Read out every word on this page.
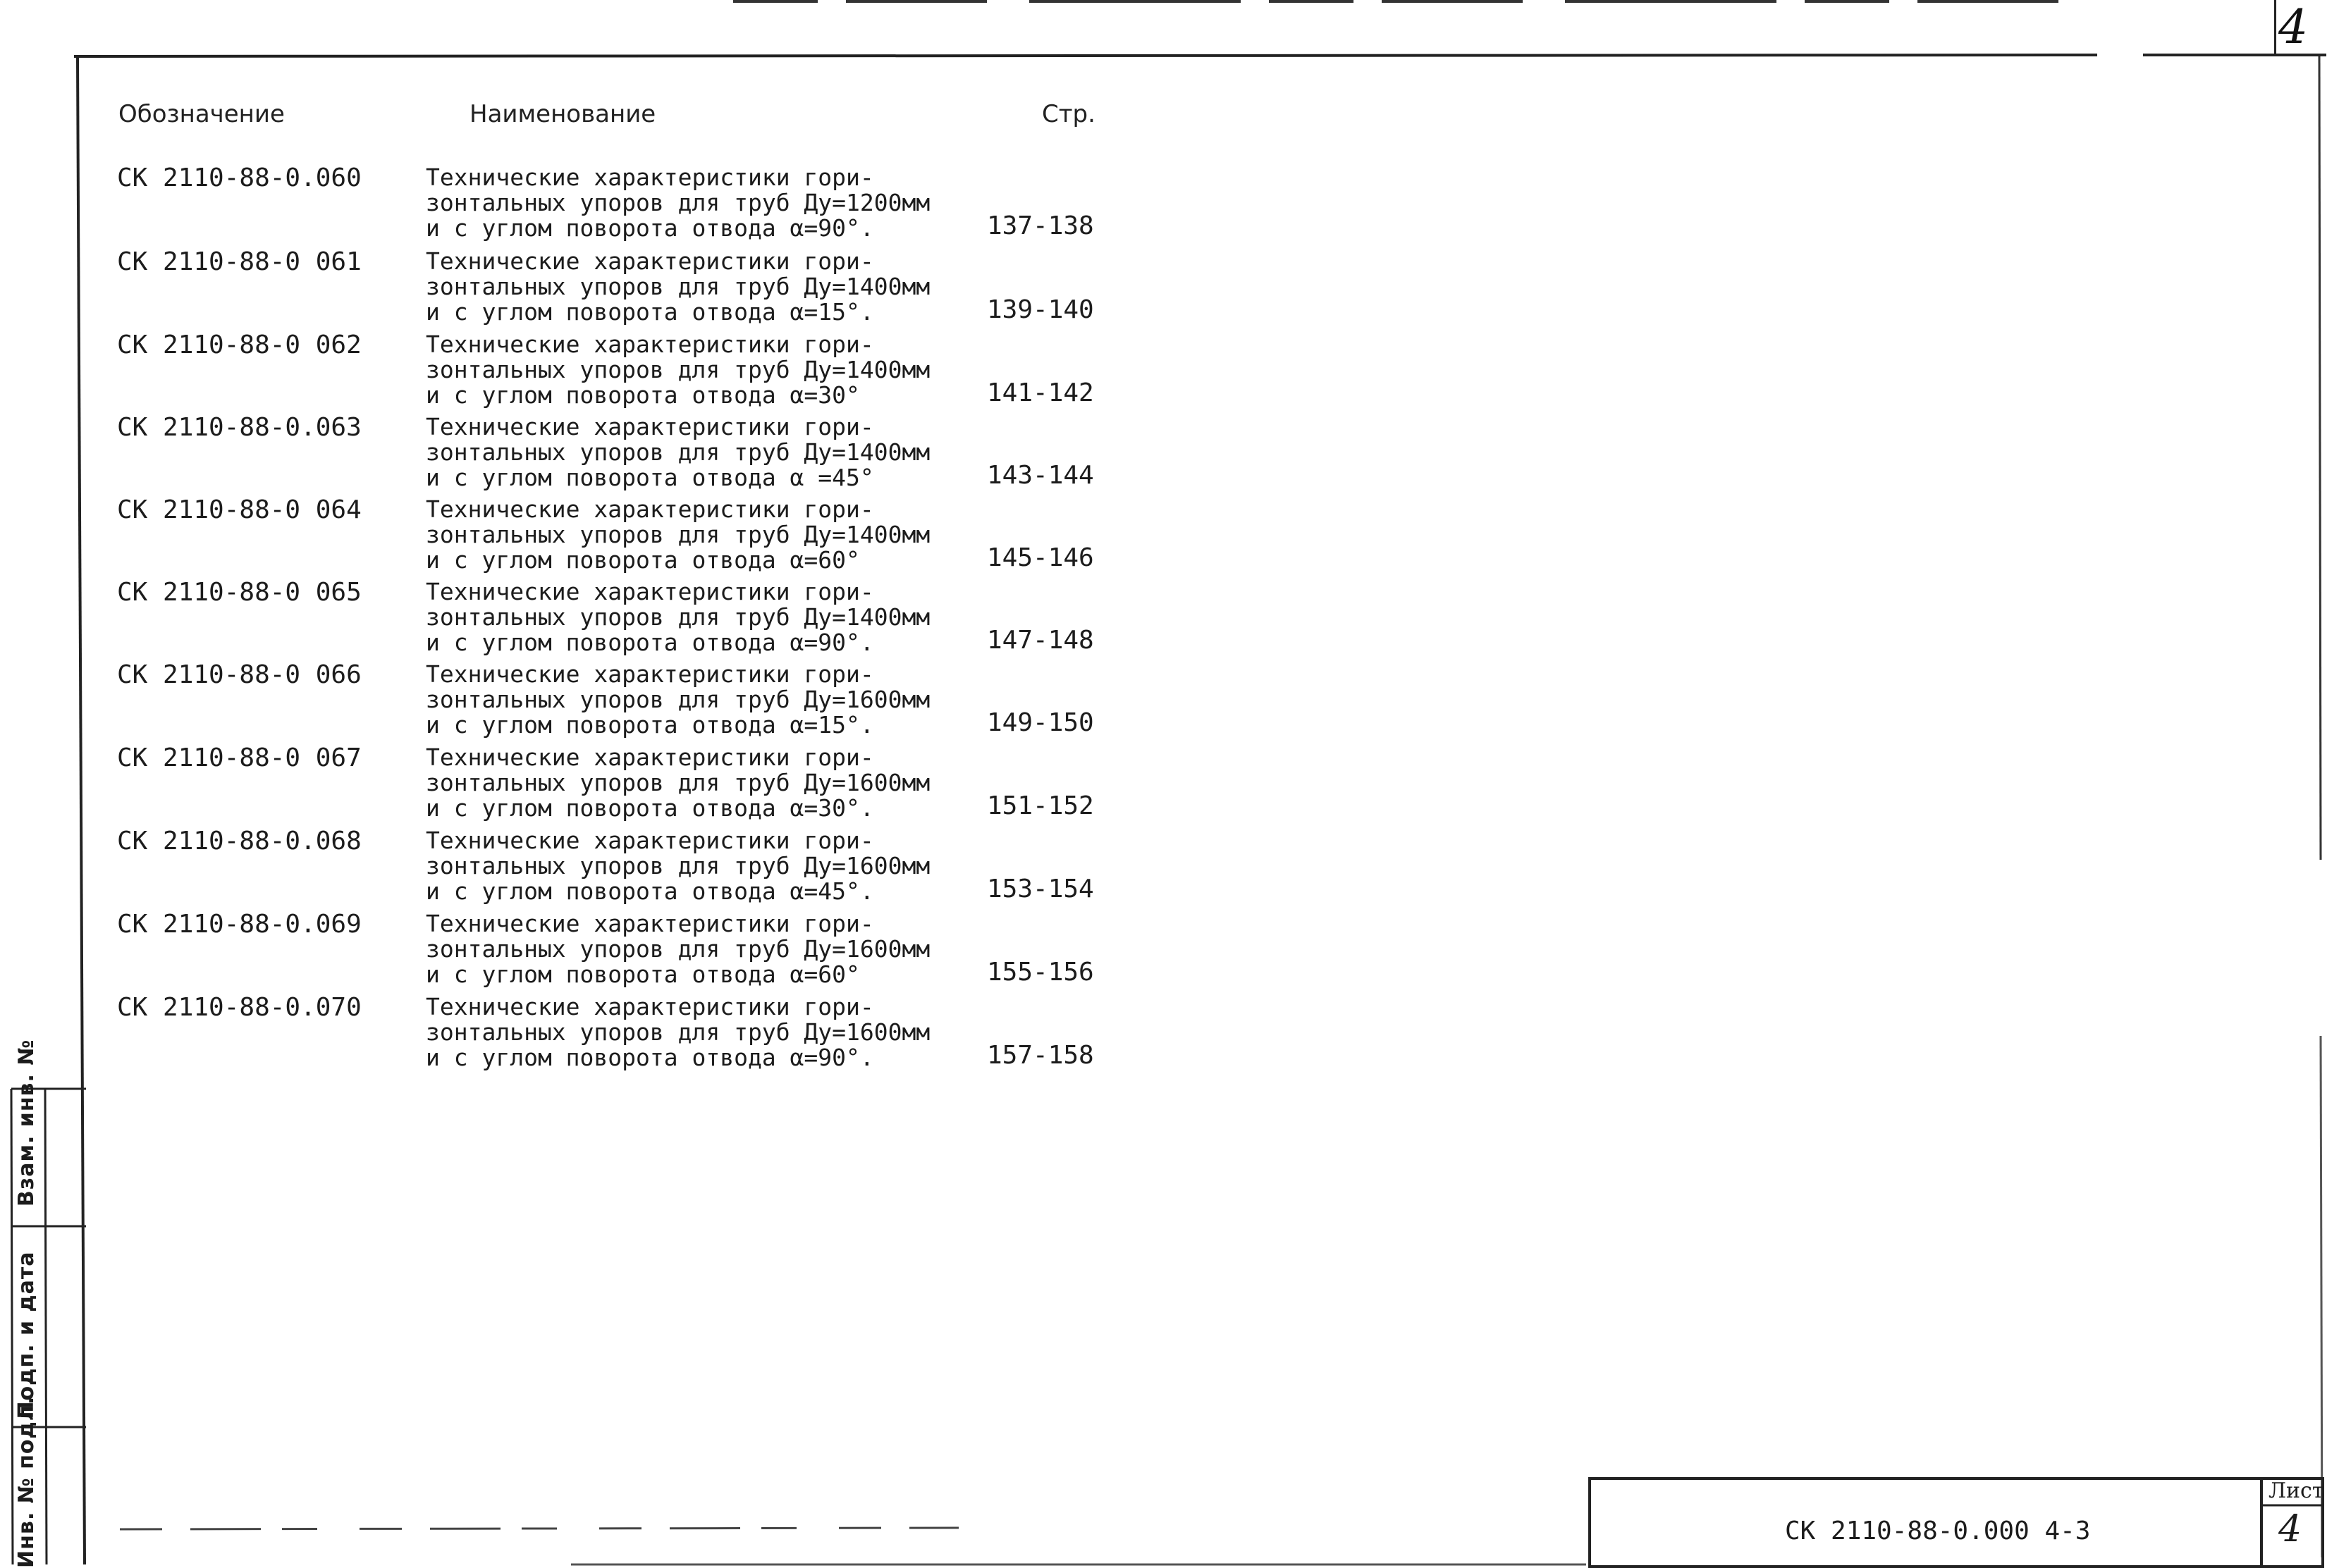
4
Обозначение	Наименование	Стр.
СК 2110-88-0.060	Технические характеристики гори-
зонтальных упоров для труб Ду=1200мм
и с углом поворота отвода α=90°.	137-138
СК 2110-88-0 061	Технические характеристики гори-
зонтальных упоров для труб Ду=1400мм
и с углом поворота отвода α=15°.	139-140
СК 2110-88-0 062	Технические характеристики гори-
зонтальных упоров для труб Ду=1400мм
и с углом поворота отвода α=30°	141-142
СК 2110-88-0.063	Технические характеристики гори-
зонтальных упоров для труб Ду=1400мм
и с углом поворота отвода α =45°	143-144
СК 2110-88-0 064	Технические характеристики гори-
зонтальных упоров для труб Ду=1400мм
и с углом поворота отвода α=60°	145-146
СК 2110-88-0 065	Технические характеристики гори-
зонтальных упоров для труб Ду=1400мм
и с углом поворота отвода α=90°.	147-148
СК 2110-88-0 066	Технические характеристики гори-
зонтальных упоров для труб Ду=1600мм
и с углом поворота отвода α=15°.	149-150
СК 2110-88-0 067	Технические характеристики гори-
зонтальных упоров для труб Ду=1600мм
и с углом поворота отвода α=30°.	151-152
СК 2110-88-0.068	Технические характеристики гори-
зонтальных упоров для труб Ду=1600мм
и с углом поворота отвода α=45°.	153-154
СК 2110-88-0.069	Технические характеристики гори-
зонтальных упоров для труб Ду=1600мм
и с углом поворота отвода α=60°	155-156
СК 2110-88-0.070	Технические характеристики гори-
зонтальных упоров для труб Ду=1600мм
и с углом поворота отвода α=90°.	157-158
СК 2110-88-0.000 4-3
Лист
4
Инв. № подл. Подп. и дата Взам. инв. №
